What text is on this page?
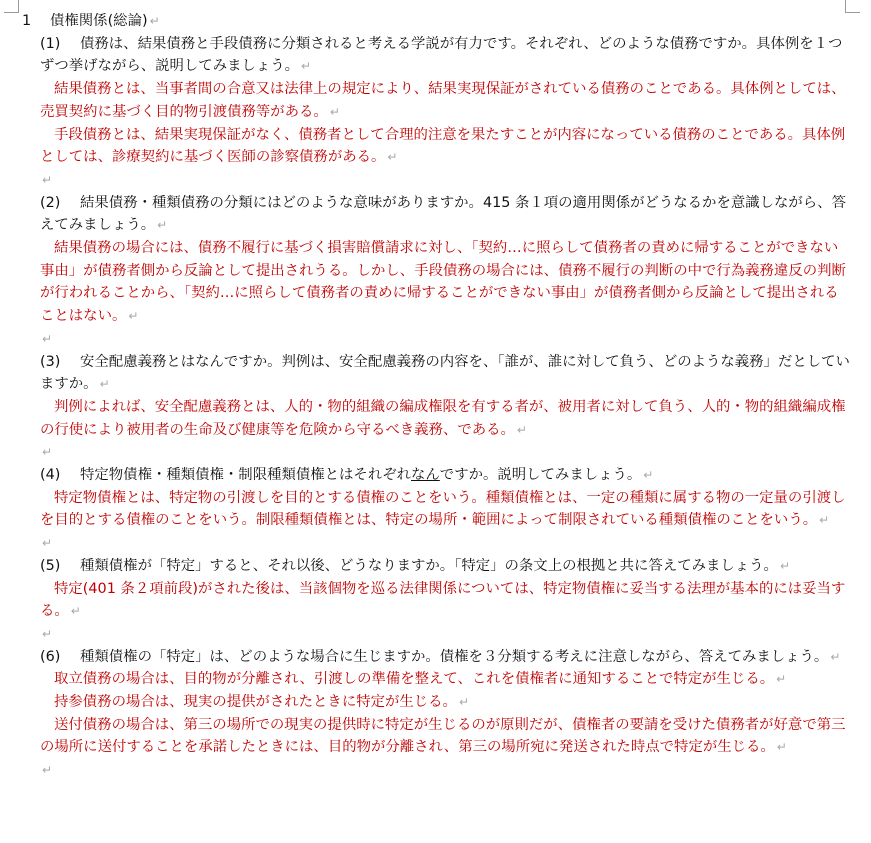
1 債権関係(総論) ↵

(1) 債務は、結果債務と手段債務に分類されると考える学説が有力です。それぞれ、どのような債務ですか。具体例を１つずつ挙げながら、説明してみましょう。 ↵

結果債務とは、当事者間の合意又は法律上の規定により、結果実現保証がされている債務のことである。具体例としては、売買契約に基づく目的物引渡債務等がある。 ↵

手段債務とは、結果実現保証がなく、債務者として合理的注意を果たすことが内容になっている債務のことである。具体例としては、診療契約に基づく医師の診察債務がある。 ↵

↵

(2) 結果債務・種類債務の分類にはどのような意味がありますか。415 条１項の適用関係がどうなるかを意識しながら、答えてみましょう。 ↵

結果債務の場合には、債務不履行に基づく損害賠償請求に対し、「契約…に照らして債務者の責めに帰することができない事由」が債務者側から反論として提出されうる。しかし、手段債務の場合には、債務不履行の判断の中で行為義務違反の判断が行われることから、「契約…に照らして債務者の責めに帰することができない事由」が債務者側から反論として提出されることはない。 ↵

↵

(3) 安全配慮義務とはなんですか。判例は、安全配慮義務の内容を、「誰が、誰に対して負う、どのような義務」だとしていますか。 ↵

判例によれば、安全配慮義務とは、人的・物的組織の編成権限を有する者が、被用者に対して負う、人的・物的組織編成権の行使により被用者の生命及び健康等を危険から守るべき義務、である。 ↵

↵

(4) 特定物債権・種類債権・制限種類債権とはそれぞれなんですか。説明してみましょう。 ↵

特定物債権とは、特定物の引渡しを目的とする債権のことをいう。種類債権とは、一定の種類に属する物の一定量の引渡しを目的とする債権のことをいう。制限種類債権とは、特定の場所・範囲によって制限されている種類債権のことをいう。 ↵

↵

(5) 種類債権が「特定」すると、それ以後、どうなりますか。「特定」の条文上の根拠と共に答えてみましょう。 ↵

特定(401 条２項前段)がされた後は、当該個物を巡る法律関係については、特定物債権に妥当する法理が基本的には妥当する。 ↵

↵

(6) 種類債権の「特定」は、どのような場合に生じますか。債権を３分類する考えに注意しながら、答えてみましょう。 ↵

取立債務の場合は、目的物が分離され、引渡しの準備を整えて、これを債権者に通知することで特定が生じる。 ↵

持参債務の場合は、現実の提供がされたときに特定が生じる。 ↵

送付債務の場合は、第三の場所での現実の提供時に特定が生じるのが原則だが、債権者の要請を受けた債務者が好意で第三の場所に送付することを承諾したときには、目的物が分離され、第三の場所宛に発送された時点で特定が生じる。 ↵

↵
